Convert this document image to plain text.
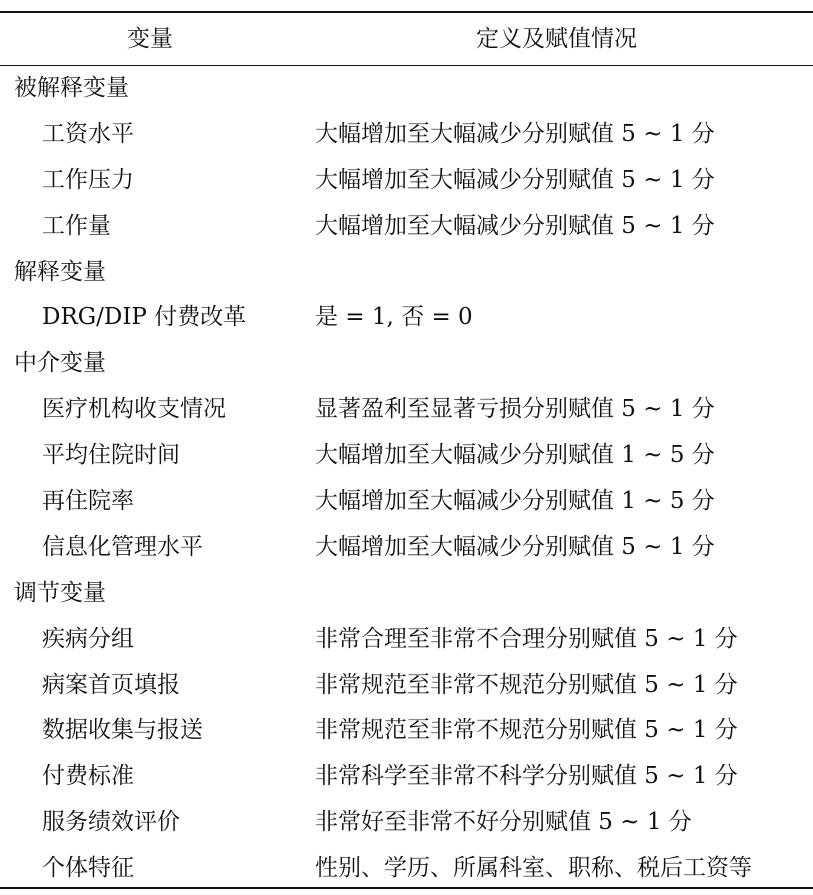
变量	定义及赋值情况
被解释变量
工资水平	大幅增加至大幅减少分别赋值 5 ~ 1 分
工作压力	大幅增加至大幅减少分别赋值 5 ~ 1 分
工作量	大幅增加至大幅减少分别赋值 5 ~ 1 分
解释变量
DRG/DIP 付费改革	是 = 1, 否 = 0
中介变量
医疗机构收支情况	显著盈利至显著亏损分别赋值 5 ~ 1 分
平均住院时间	大幅增加至大幅减少分别赋值 1 ~ 5 分
再住院率	大幅增加至大幅减少分别赋值 1 ~ 5 分
信息化管理水平	大幅增加至大幅减少分别赋值 5 ~ 1 分
调节变量
疾病分组	非常合理至非常不合理分别赋值 5 ~ 1 分
病案首页填报	非常规范至非常不规范分别赋值 5 ~ 1 分
数据收集与报送	非常规范至非常不规范分别赋值 5 ~ 1 分
付费标准	非常科学至非常不科学分别赋值 5 ~ 1 分
服务绩效评价	非常好至非常不好分别赋值 5 ~ 1 分
个体特征	性别、学历、所属科室、职称、税后工资等
